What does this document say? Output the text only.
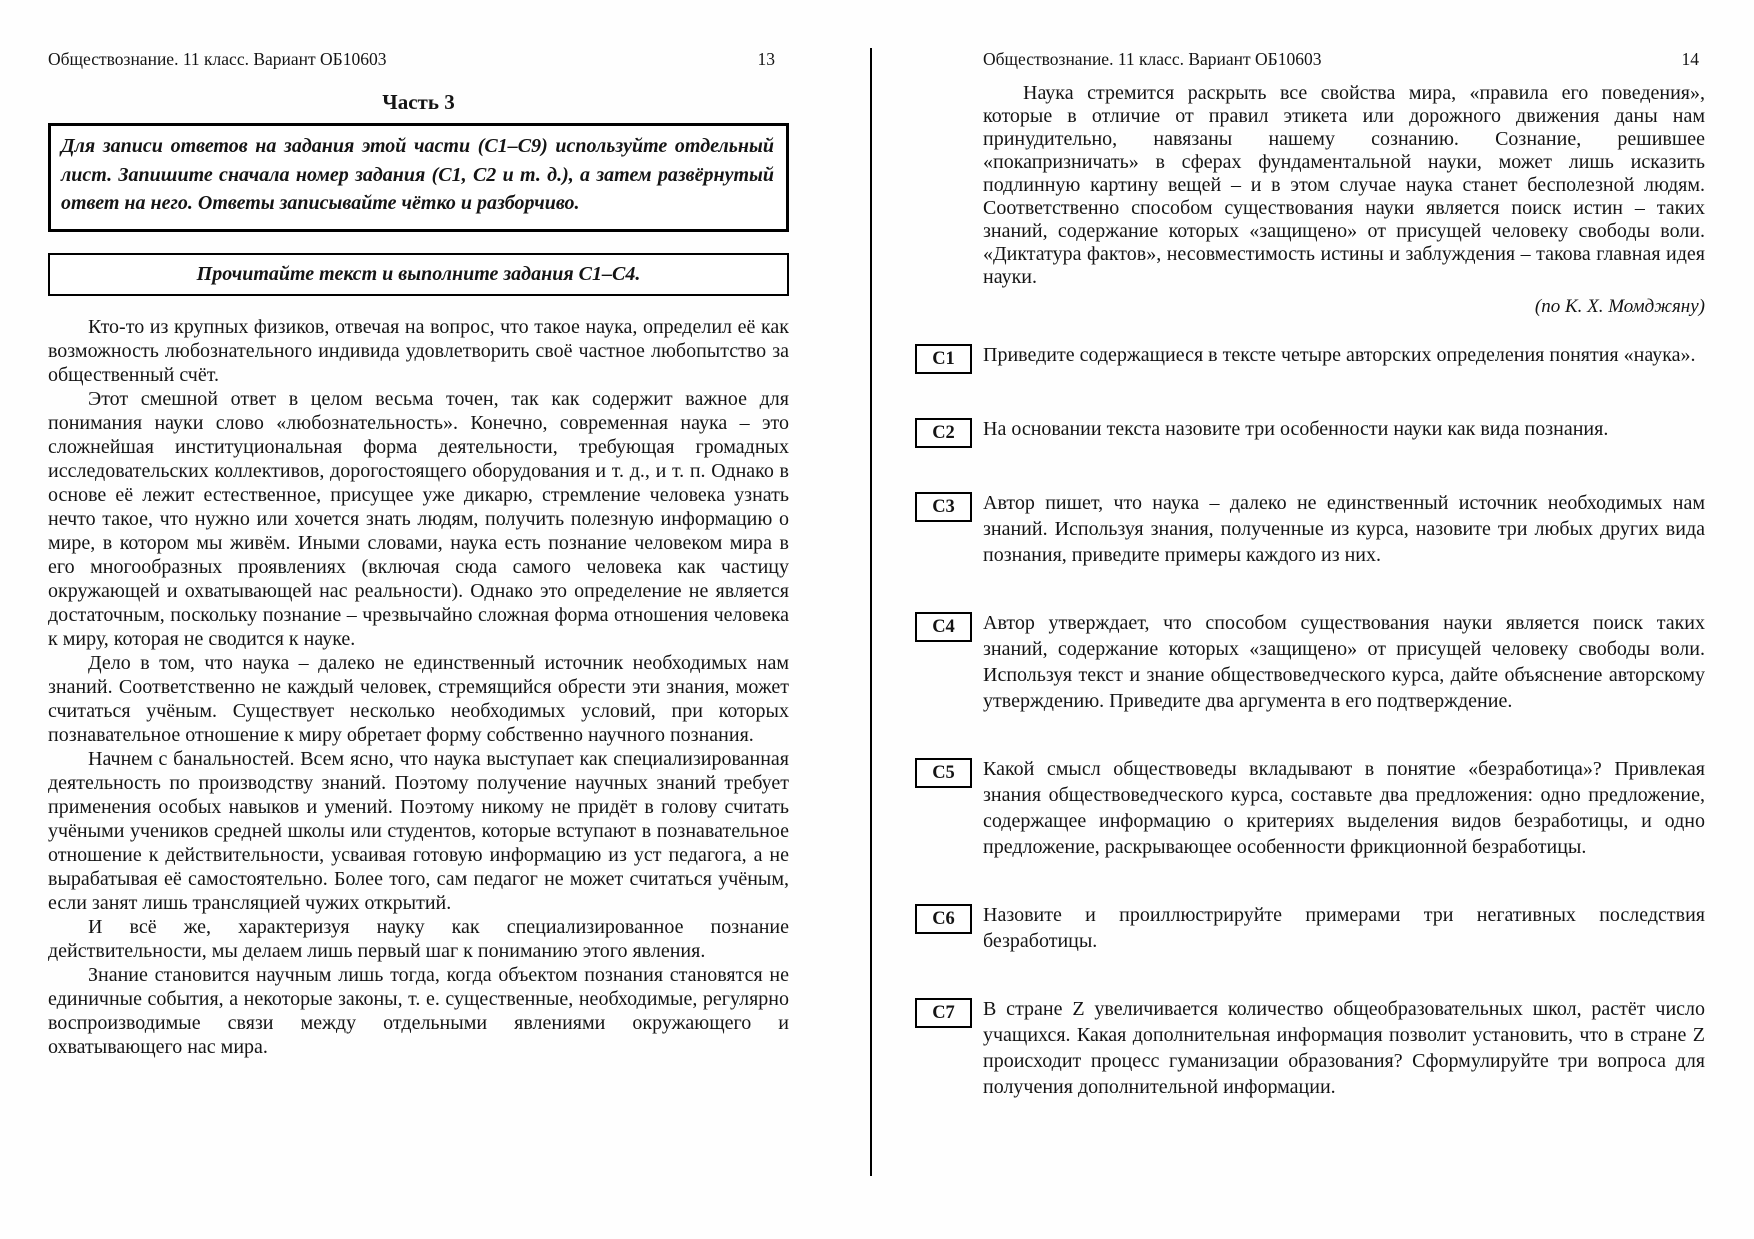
Обществознание. 11 класс. Вариант ОБ10603	13
Часть 3

Для записи ответов на задания этой части (С1–С9) используйте отдельный лист. Запишите сначала номер задания (С1, С2 и т. д.), а затем развёрнутый ответ на него. Ответы записывайте чётко и разборчиво.

Прочитайте текст и выполните задания С1–С4.

Кто-то из крупных физиков, отвечая на вопрос, что такое наука, определил её как возможность любознательного индивида удовлетворить своё частное любопытство за общественный счёт.

Этот смешной ответ в целом весьма точен, так как содержит важное для понимания науки слово «любознательность». Конечно, современная наука – это сложнейшая институциональная форма деятельности, требующая громадных исследовательских коллективов, дорогостоящего оборудования и т. д., и т. п. Однако в основе её лежит естественное, присущее уже дикарю, стремление человека узнать нечто такое, что нужно или хочется знать людям, получить полезную информацию о мире, в котором мы живём. Иными словами, наука есть познание человеком мира в его многообразных проявлениях (включая сюда самого человека как частицу окружающей и охватывающей нас реальности). Однако это определение не является достаточным, поскольку познание – чрезвычайно сложная форма отношения человека к миру, которая не сводится к науке.

Дело в том, что наука – далеко не единственный источник необходимых нам знаний. Соответственно не каждый человек, стремящийся обрести эти знания, может считаться учёным. Существует несколько необходимых условий, при которых познавательное отношение к миру обретает форму собственно научного познания.

Начнем с банальностей. Всем ясно, что наука выступает как специализированная деятельность по производству знаний. Поэтому получение научных знаний требует применения особых навыков и умений. Поэтому никому не придёт в голову считать учёными учеников средней школы или студентов, которые вступают в познавательное отношение к действительности, усваивая готовую информацию из уст педагога, а не вырабатывая её самостоятельно. Более того, сам педагог не может считаться учёным, если занят лишь трансляцией чужих открытий.

И всё же, характеризуя науку как специализированное познание действительности, мы делаем лишь первый шаг к пониманию этого явления.

Знание становится научным лишь тогда, когда объектом познания становятся не единичные события, а некоторые законы, т. е. существенные, необходимые, регулярно воспроизводимые связи между отдельными явлениями окружающего и охватывающего нас мира.

Обществознание. 11 класс. Вариант ОБ10603	14

Наука стремится раскрыть все свойства мира, «правила его поведения», которые в отличие от правил этикета или дорожного движения даны нам принудительно, навязаны нашему сознанию. Сознание, решившее «покапризничать» в сферах фундаментальной науки, может лишь исказить подлинную картину вещей – и в этом случае наука станет бесполезной людям. Соответственно способом существования науки является поиск истин – таких знаний, содержание которых «защищено» от присущей человеку свободы воли. «Диктатура фактов», несовместимость истины и заблуждения – такова главная идея науки.

(по К. Х. Момджяну)

С1	Приведите содержащиеся в тексте четыре авторских определения понятия «наука».

С2	На основании текста назовите три особенности науки как вида познания.

С3	Автор пишет, что наука – далеко не единственный источник необходимых нам знаний. Используя знания, полученные из курса, назовите три любых других вида познания, приведите примеры каждого из них.

С4	Автор утверждает, что способом существования науки является поиск таких знаний, содержание которых «защищено» от присущей человеку свободы воли. Используя текст и знание обществоведческого курса, дайте объяснение авторскому утверждению. Приведите два аргумента в его подтверждение.

С5	Какой смысл обществоведы вкладывают в понятие «безработица»? Привлекая знания обществоведческого курса, составьте два предложения: одно предложение, содержащее информацию о критериях выделения видов безработицы, и одно предложение, раскрывающее особенности фрикционной безработицы.

С6	Назовите и проиллюстрируйте примерами три негативных последствия безработицы.

С7	В стране Z увеличивается количество общеобразовательных школ, растёт число учащихся. Какая дополнительная информация позволит установить, что в стране Z происходит процесс гуманизации образования? Сформулируйте три вопроса для получения дополнительной информации.
